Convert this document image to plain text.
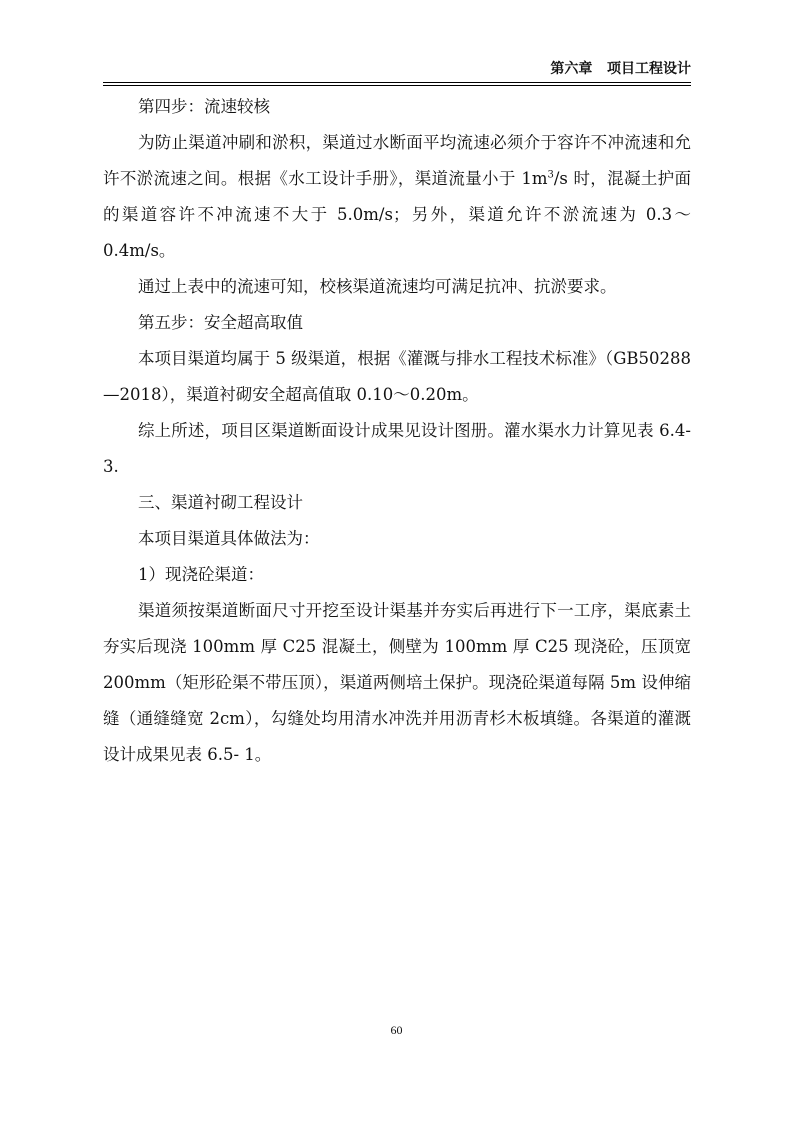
第六章 项目工程设计

第四步：流速较核

为防止渠道冲刷和淤积，渠道过水断面平均流速必须介于容许不冲流速和允许不淤流速之间。根据《水工设计手册》，渠道流量小于 $1m^3/s$ 时，混凝土护面的渠道容许不冲流速不大于 5.0m/s；另外，渠道允许不淤流速为 0.3～0.4m/s。

通过上表中的流速可知，校核渠道流速均可满足抗冲、抗淤要求。

第五步：安全超高取值

本项目渠道均属于 5 级渠道，根据《灌溉与排水工程技术标准》（GB50288—2018），渠道衬砌安全超高值取 0.10～0.20m。

综上所述，项目区渠道断面设计成果见设计图册。灌水渠水力计算见表 6.4-3.

三、渠道衬砌工程设计

本项目渠道具体做法为：

1）现浇砼渠道：

渠道须按渠道断面尺寸开挖至设计渠基并夯实后再进行下一工序，渠底素土夯实后现浇 100mm 厚 C25 混凝土，侧壁为 100mm 厚 C25 现浇砼，压顶宽 200mm（矩形砼渠不带压顶），渠道两侧培土保护。现浇砼渠道每隔 5m 设伸缩缝（通缝缝宽 2cm），勾缝处均用清水冲洗并用沥青杉木板填缝。各渠道的灌溉设计成果见表 6.5- 1。

60
